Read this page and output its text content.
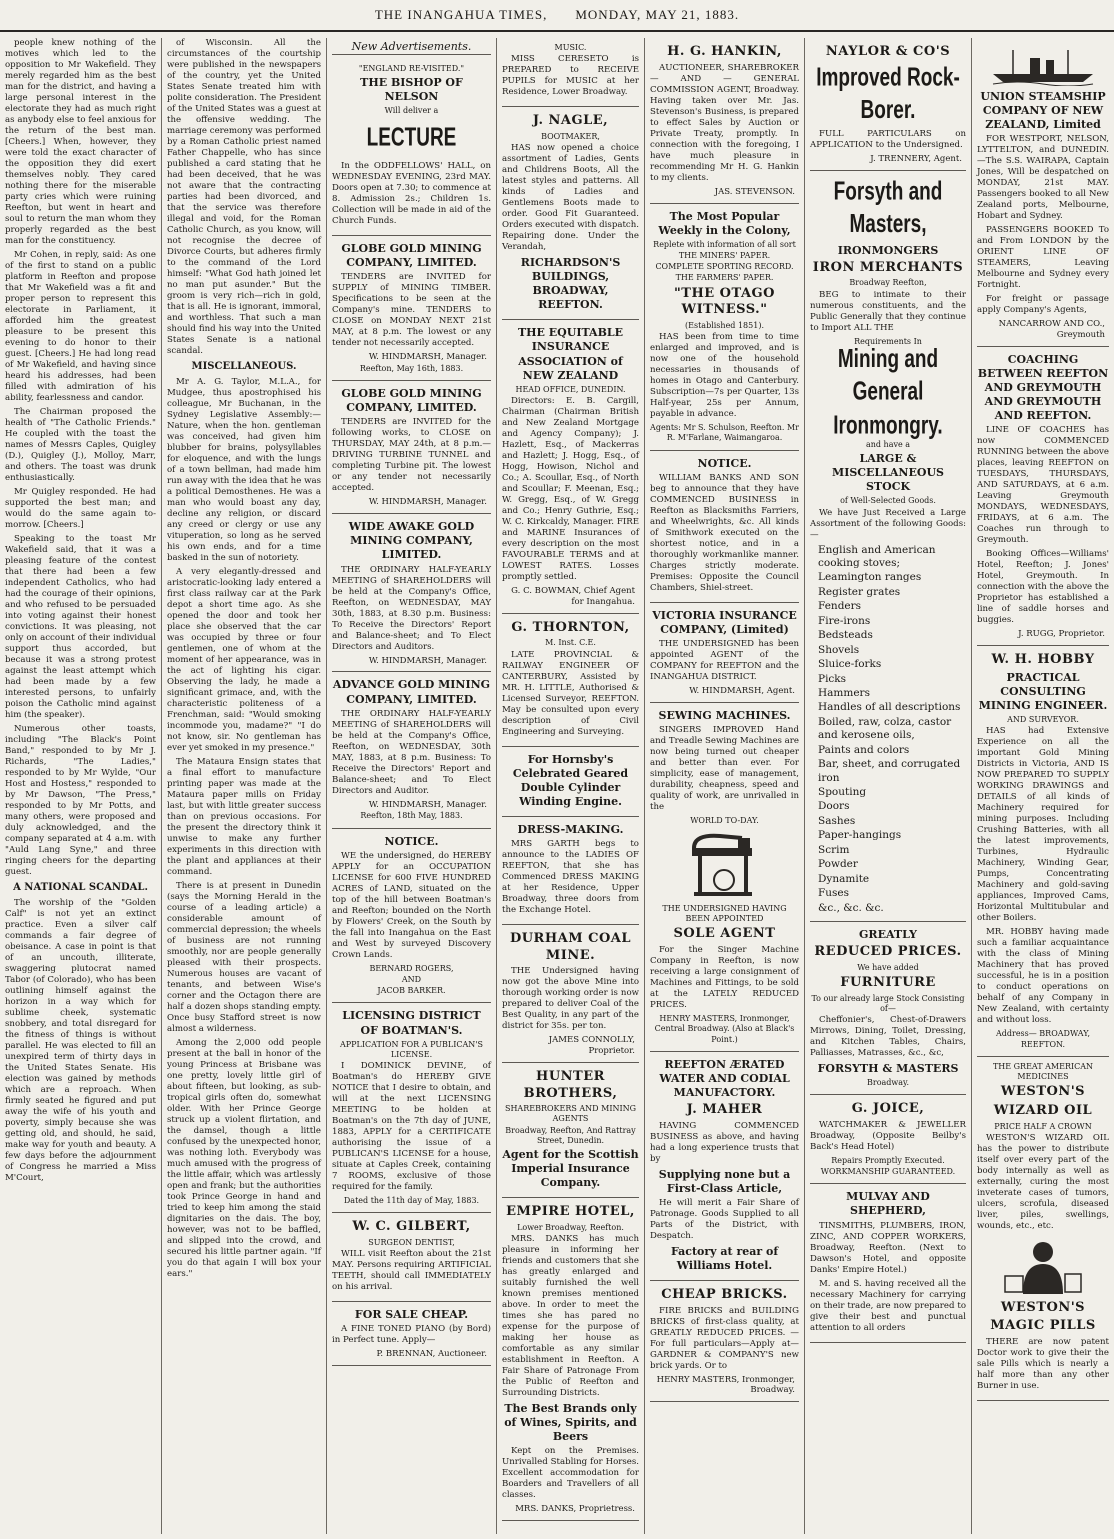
THE INANGAHUA TIMES, MONDAY, MAY 21, 1883.

people knew nothing of the motives which led to the opposition to Mr Wakefield. They merely regarded him as the best man for the district, and having a large personal interest in the electorate they had as much right as anybody else to feel anxious for the return of the best man. [Cheers.] When, however, they were told the exact character of the opposition they did exert themselves nobly. They cared nothing there for the miserable party cries which were ruining Reefton, but went in heart and soul to return the man whom they properly regarded as the best man for the constituency.

Mr Cohen, in reply, said: As one of the first to stand on a public platform in Reefton and propose that Mr Wakefield was a fit and proper person to represent this electorate in Parliament, it afforded him the greatest pleasure to be present this evening to do honor to their guest. [Cheers.] He had long read of Mr Wakefield, and having since heard his addresses, had been filled with admiration of his ability, fearlessness and candor.

The Chairman proposed the health of "The Catholic Friends." He coupled with the toast the names of Messrs Caples, Quigley (D.), Quigley (J.), Molloy, Marr, and others. The toast was drunk enthusiastically.

Mr Quigley responded. He had supported the best man; and would do the same again to-morrow. [Cheers.]

Speaking to the toast Mr Wakefield said, that it was a pleasing feature of the contest that there had been a few independent Catholics, who had had the courage of their opinions, and who refused to be persuaded into voting against their honest convictions. It was pleasing, not only on account of their individual support thus accorded, but because it was a strong protest against the least attempt which had been made by a few interested persons, to unfairly poison the Catholic mind against him (the speaker).

Numerous other toasts, including "The Black's Point Band," responded to by Mr J. Richards, "The Ladies," responded to by Mr Wylde, "Our Host and Hostess," responded to by Mr Dawson, "The Press," responded to by Mr Potts, and many others, were proposed and duly acknowledged, and the company separated at 4 a.m. with "Auld Lang Syne," and three ringing cheers for the departing guest.

A NATIONAL SCANDAL.

The worship of the "Golden Calf" is not yet an extinct practice. Even a silver calf commands a fair degree of obeisance. A case in point is that of an uncouth, illiterate, swaggering plutocrat named Tabor (of Colorado), who has been outlining himself against the horizon in a way which for sublime cheek, systematic snobbery, and total disregard for the fitness of things is without parallel. He was elected to fill an unexpired term of thirty days in the United States Senate. His election was gained by methods which are a reproach. When firmly seated he figured and put away the wife of his youth and poverty, simply because she was getting old, and should, he said, make way for youth and beauty. A few days before the adjournment of Congress he married a Miss M'Court,

of Wisconsin. All the circumstances of the courtship were published in the newspapers of the country, yet the United States Senate treated him with polite consideration. The President of the United States was a guest at the offensive wedding. The marriage ceremony was performed by a Roman Catholic priest named Father Chappelle, who has since published a card stating that he had been deceived, that he was not aware that the contracting parties had been divorced, and that the service was therefore illegal and void, for the Roman Catholic Church, as you know, will not recognise the decree of Divorce Courts, but adheres firmly to the command of the Lord himself: "What God hath joined let no man put asunder." But the groom is very rich—rich in gold, that is all. He is ignorant, immoral, and worthless. That such a man should find his way into the United States Senate is a national scandal.

MISCELLANEOUS.

Mr A. G. Taylor, M.L.A., for Mudgee, thus apostrophised his colleague, Mr Buchanan, in the Sydney Legislative Assembly:—Nature, when the hon. gentleman was conceived, had given him blubber for brains, polysyllables for eloquence, and with the lungs of a town bellman, had made him run away with the idea that he was a political Demosthenes. He was a man who would boast any day, decline any religion, or discard any creed or clergy or use any vituperation, so long as he served his own ends, and for a time basked in the sun of notoriety.

A very elegantly-dressed and aristocratic-looking lady entered a first class railway car at the Park depot a short time ago. As she opened the door and took her place she observed that the car was occupied by three or four gentlemen, one of whom at the moment of her appearance, was in the act of lighting his cigar. Observing the lady, he made a significant grimace, and, with the characteristic politeness of a Frenchman, said: "Would smoking incommode you, madame?" "I do not know, sir. No gentleman has ever yet smoked in my presence."

The Mataura Ensign states that a final effort to manufacture printing paper was made at the Mataura paper mills on Friday last, but with little greater success than on previous occasions. For the present the directory think it unwise to make any further experiments in this direction with the plant and appliances at their command.

There is at present in Dunedin (says the Morning Herald in the course of a leading article) a considerable amount of commercial depression; the wheels of business are not running smoothly, nor are people generally pleased with their prospects. Numerous houses are vacant of tenants, and between Wise's corner and the Octagon there are half a dozen shops standing empty. Once busy Stafford street is now almost a wilderness.

Among the 2,000 odd people present at the ball in honor of the young Princess at Brisbane was one pretty, lovely little girl of about fifteen, but looking, as sub-tropical girls often do, somewhat older. With her Prince George struck up a violent flirtation, and the damsel, though a little confused by the unexpected honor, was nothing loth. Everybody was much amused with the progress of the little affair, which was artlessly open and frank; but the authorities took Prince George in hand and tried to keep him among the staid dignitaries on the dais. The boy, however, was not to be baffled, and slipped into the crowd, and secured his little partner again. "If you do that again I will box your ears."

New Advertisements.
"ENGLAND RE-VISITED."
THE BISHOP OF NELSON
Will deliver a
LECTURE

In the ODDFELLOWS' HALL, on WEDNESDAY EVENING, 23rd MAY. Doors open at 7.30; to commence at 8. Admission 2s.; Children 1s. Collection will be made in aid of the Church Funds.

GLOBE GOLD MINING COMPANY, LIMITED.

TENDERS are INVITED for SUPPLY of MINING TIMBER. Specifications to be seen at the Company's mine. TENDERS to CLOSE on MONDAY NEXT 21st MAY, at 8 p.m. The lowest or any tender not necessarily accepted.

W. HINDMARSH, Manager.
Reefton, May 16th, 1883.
GLOBE GOLD MINING COMPANY, LIMITED.

TENDERS are INVITED for the following works, to CLOSE on THURSDAY, MAY 24th, at 8 p.m.—DRIVING TURBINE TUNNEL and completing Turbine pit. The lowest or any tender not necessarily accepted.

W. HINDMARSH, Manager.
WIDE AWAKE GOLD MINING COMPANY, LIMITED.

THE ORDINARY HALF-YEARLY MEETING of SHAREHOLDERS will be held at the Company's Office, Reefton, on WEDNESDAY, MAY 30th, 1883, at 8.30 p.m. Business: To Receive the Directors' Report and Balance-sheet; and To Elect Directors and Auditors.

W. HINDMARSH, Manager.
ADVANCE GOLD MINING COMPANY, LIMITED.

THE ORDINARY HALF-YEARLY MEETING of SHAREHOLDERS will be held at the Company's Office, Reefton, on WEDNESDAY, 30th MAY, 1883, at 8 p.m. Business: To Receive the Directors' Report and Balance-sheet; and To Elect Directors and Auditor.

W. HINDMARSH, Manager.
Reefton, 18th May, 1883.
NOTICE.

WE the undersigned, do HEREBY APPLY for an OCCUPATION LICENSE for 600 FIVE HUNDRED ACRES of LAND, situated on the top of the hill between Boatman's and Reefton; bounded on the North by Flowers' Creek, on the South by the fall into Inangahua on the East and West by surveyed Discovery Crown Lands.

BERNARD ROGERS,
AND
JACOB BARKER.
LICENSING DISTRICT OF BOATMAN'S.
APPLICATION FOR A PUBLICAN'S LICENSE.

I DOMINICK DEVINE, of Boatman's do HEREBY GIVE NOTICE that I desire to obtain, and will at the next LICENSING MEETING to be holden at Boatman's on the 7th day of JUNE, 1883, APPLY for a CERTIFICATE authorising the issue of a PUBLICAN'S LICENSE for a house, situate at Caples Creek, containing 7 ROOMS, exclusive of those required for the family.

Dated the 11th day of May, 1883.
W. C. GILBERT,
SURGEON DENTIST,

WILL visit Reefton about the 21st MAY. Persons requiring ARTIFICIAL TEETH, should call IMMEDIATELY on his arrival.

FOR SALE CHEAP.

A FINE TONED PIANO (by Bord) in Perfect tune. Apply—

P. BRENNAN, Auctioneer.
MUSIC.

MISS CERESETO is PREPARED to RECEIVE PUPILS for MUSIC at her Residence, Lower Broadway.

J. NAGLE,
BOOTMAKER,

HAS now opened a choice assortment of Ladies, Gents and Childrens Boots, All the latest styles and patterns. All kinds of Ladies and Gentlemens Boots made to order. Good Fit Guaranteed. Orders executed with dispatch. Repairing done. Under the Verandah,

RICHARDSON'S BUILDINGS, BROADWAY, REEFTON.
THE EQUITABLE INSURANCE ASSOCIATION of NEW ZEALAND
HEAD OFFICE, DUNEDIN.

Directors: E. B. Cargill, Chairman (Chairman British and New Zealand Mortgage and Agency Company); J. Hazlett, Esq., of Mackerras and Hazlett; J. Hogg, Esq., of Hogg, Howison, Nichol and Co.; A. Scoullar, Esq., of North and Scoullar; F. Meenan, Esq.; W. Gregg, Esq., of W. Gregg and Co.; Henry Guthrie, Esq.; W. C. Kirkcaldy, Manager. FIRE and MARINE Insurances of every description on the most FAVOURABLE TERMS and at LOWEST RATES. Losses promptly settled.

G. C. BOWMAN, Chief Agent for Inangahua.
G. THORNTON,
M. Inst. C.E.

LATE PROVINCIAL & RAILWAY ENGINEER OF CANTERBURY, Assisted by MR. H. LITTLE, Authorised & Licensed Surveyor, REEFTON. May be consulted upon every description of Civil Engineering and Surveying.

For Hornsby's Celebrated Geared Double Cylinder Winding Engine.
DRESS-MAKING.

MRS GARTH begs to announce to the LADIES OF REEFTON, that she has Commenced DRESS MAKING at her Residence, Upper Broadway, three doors from the Exchange Hotel.

DURHAM COAL MINE.

THE Undersigned having now got the above Mine into thorough working order is now prepared to deliver Coal of the Best Quality, in any part of the district for 35s. per ton.

JAMES CONNOLLY, Proprietor.
HUNTER BROTHERS,
SHAREBROKERS AND MINING AGENTS
Broadway, Reefton, And Rattray Street, Dunedin.
Agent for the Scottish Imperial Insurance Company.
EMPIRE HOTEL,
Lower Broadway, Reefton.

MRS. DANKS has much pleasure in informing her friends and customers that she has greatly enlarged and suitably furnished the well known premises mentioned above. In order to meet the times she has pared no expense for the purpose of making her house as comfortable as any similar establishment in Reefton. A Fair Share of Patronage From the Public of Reefton and Surrounding Districts.

The Best Brands only of Wines, Spirits, and Beers

Kept on the Premises. Unrivalled Stabling for Horses. Excellent accommodation for Boarders and Travellers of all classes.

MRS. DANKS, Proprietress.
H. G. HANKIN,

AUCTIONEER, SHAREBROKER — AND — GENERAL COMMISSION AGENT, Broadway. Having taken over Mr. Jas. Stevenson's Business, is prepared to effect Sales by Auction or Private Treaty, promptly. In connection with the foregoing, I have much pleasure in recommending Mr H. G. Hankin to my clients.

JAS. STEVENSON.
The Most Popular Weekly in the Colony,
Replete with information of all sort
THE MINERS' PAPER.
COMPLETE SPORTING RECORD.
THE FARMERS' PAPER.
"THE OTAGO WITNESS."
(Established 1851).

HAS been from time to time enlarged and improved, and is now one of the household necessaries in thousands of homes in Otago and Canterbury. Subscription—7s per Quarter, 13s Half-year, 25s per Annum, payable in advance.

Agents: Mr S. Schulson, Reefton. Mr R. M'Farlane, Waimangaroa.
NOTICE.

WILLIAM BANKS AND SON beg to announce that they have COMMENCED BUSINESS in Reefton as Blacksmiths Farriers, and Wheelwrights, &c. All kinds of Smithwork executed on the shortest notice, and in a thoroughly workmanlike manner. Charges strictly moderate. Premises: Opposite the Council Chambers, Shiel-street.

VICTORIA INSURANCE COMPANY, (Limited)

THE UNDERSIGNED has been appointed AGENT of the COMPANY for REEFTON and the INANGAHUA DISTRICT.

W. HINDMARSH, Agent.
SEWING MACHINES.

SINGERS IMPROVED Hand and Treadle Sewing Machines are now being turned out cheaper and better than ever. For simplicity, ease of management, durability, cheapness, speed and quality of work, are unrivalled in the

WORLD TO-DAY.
THE UNDERSIGNED HAVING BEEN APPOINTED
SOLE AGENT

For the Singer Machine Company in Reefton, is now receiving a large consignment of Machines and Fittings, to be sold at the LATELY REDUCED PRICES.

HENRY MASTERS, Ironmonger, Central Broadway. (Also at Black's Point.)
REEFTON ÆRATED WATER AND CODIAL MANUFACTORY.
J. MAHER

HAVING COMMENCED BUSINESS as above, and having had a long experience trusts that by

Supplying none but a First-Class Article,

He will merit a Fair Share of Patronage. Goods Supplied to all Parts of the District, with Despatch.

Factory at rear of Williams Hotel.
CHEAP BRICKS.

FIRE BRICKS and BUILDING BRICKS of first-class quality, at GREATLY REDUCED PRICES. —For full particulars—Apply at— GARDNER & COMPANY'S new brick yards. Or to

HENRY MASTERS, Ironmonger, Broadway.
NAYLOR & CO'S
Improved Rock-Borer.

FULL PARTICULARS on APPLICATION to the Undersigned.

J. TRENNERY, Agent.
Forsyth and Masters,
IRONMONGERS
IRON MERCHANTS
Broadway Reefton,

BEG to intimate to their numerous constituents, and the Public Generally that they continue to Import ALL THE

Requirements In
Mining and General Ironmongry.
and have a
LARGE & MISCELLANEOUS STOCK
of Well-Selected Goods.

We have Just Received a Large Assortment of the following Goods:—

English and American cooking stoves;
Leamington ranges
Register grates
Fenders
Fire-irons
Bedsteads
Shovels
Sluice-forks
Picks
Hammers
Handles of all descriptions
Boiled, raw, colza, castor and kerosene oils,
Paints and colors
Bar, sheet, and corrugated iron
Spouting
Doors
Sashes
Paper-hangings
Scrim
Powder
Dynamite
Fuses
&c., &c. &c.
GREATLY
REDUCED PRICES.
We have added
FURNITURE
To our already large Stock Consisting of—

Cheffonier's, Chest-of-Drawers Mirrows, Dining, Toilet, Dressing, and Kitchen Tables, Chairs, Palliasses, Matrasses, &c., &c,

FORSYTH & MASTERS
Broadway.
G. JOICE,

WATCHMAKER & JEWELLER Broadway, (Opposite Beilby's Back's Head Hotel)

Repairs Promptly Executed.
WORKMANSHIP GUARANTEED.
MULVAY AND SHEPHERD,

TINSMITHS, PLUMBERS, IRON, ZINC, AND COPPER WORKERS, Broadway, Reefton. (Next to Dawson's Hotel, and opposite Danks' Empire Hotel.)

M. and S. having received all the necessary Machinery for carrying on their trade, are now prepared to give their best and punctual attention to all orders

UNION STEAMSHIP COMPANY OF NEW ZEALAND, Limited

FOR WESTPORT, NELSON, LYTTELTON, and DUNEDIN.—The S.S. WAIRAPA, Captain Jones, Will be despatched on MONDAY, 21st MAY. Passengers booked to all New Zealand ports, Melbourne, Hobart and Sydney.

PASSENGERS BOOKED To and From LONDON by the ORIENT LINE OF STEAMERS, Leaving Melbourne and Sydney every Fortnight.

For freight or passage apply Company's Agents,

NANCARROW AND CO., Greymouth
COACHING BETWEEN REEFTON AND GREYMOUTH AND GREYMOUTH AND REEFTON.

LINE OF COACHES has now COMMENCED RUNNING between the above places, leaving REEFTON on TUESDAYS, THURSDAYS, AND SATURDAYS, at 6 a.m. Leaving Greymouth MONDAYS, WEDNESDAYS, FRIDAYS, at 6 a.m. The Coaches run through to Greymouth.

Booking Offices—Williams' Hotel, Reefton; J. Jones' Hotel, Greymouth. In connection with the above the Proprietor has established a line of saddle horses and buggies.

J. RUGG, Proprietor.
W. H. HOBBY
PRACTICAL CONSULTING MINING ENGINEER.
AND SURVEYOR.

HAS had Extensive Experience on all the important Gold Mining Districts in Victoria, AND IS NOW PREPARED TO SUPPLY WORKING DRAWINGS and DETAILS of all kinds of Machinery required for mining purposes. Including Crushing Batteries, with all the latest improvements, Turbines, Hydraulic Machinery, Winding Gear, Pumps, Concentrating Machinery and gold-saving appliances, Improved Cams, Horizontal Multitubular and other Boilers.

MR. HOBBY having made such a familiar acquaintance with the class of Mining Machinery that has proved successful, he is in a position to conduct operations on behalf of any Company in New Zealand, with certainty and without loss.

Address— BROADWAY, REEFTON.
THE GREAT AMERICAN MEDICINES
WESTON'S
WIZARD OIL
PRICE HALF A CROWN

WESTON'S WIZARD OIL has the power to distribute itself over every part of the body internally as well as externally, curing the most inveterate cases of tumors, ulcers, scrofula, diseased liver, piles, swellings, wounds, etc., etc.

WESTON'S
MAGIC PILLS

THERE are now patent Doctor work to give their the sale Pills which is nearly a half more than any other Burner in use.
